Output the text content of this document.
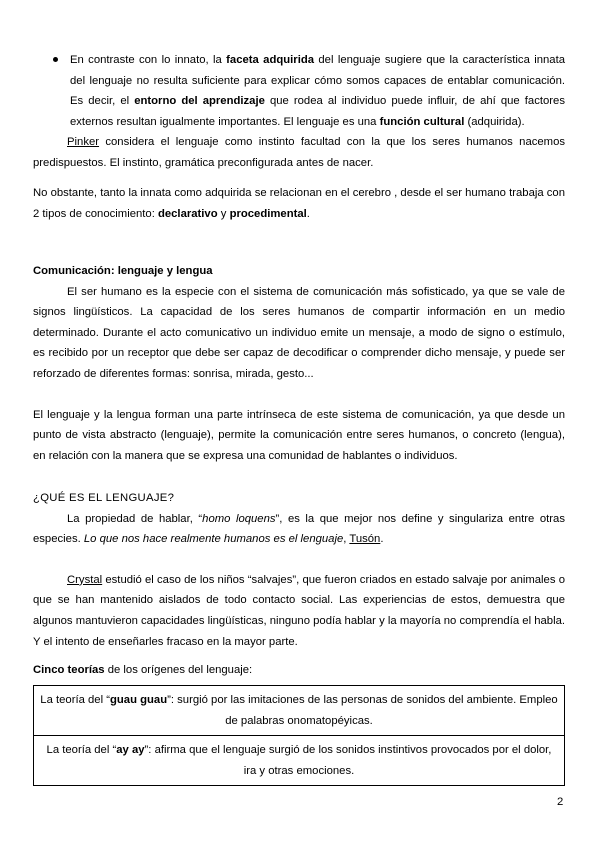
En contraste con lo innato, la faceta adquirida del lenguaje sugiere que la característica innata del lenguaje no resulta suficiente para explicar cómo somos capaces de entablar comunicación. Es decir, el entorno del aprendizaje que rodea al individuo puede influir, de ahí que factores externos resultan igualmente importantes. El lenguaje es una función cultural (adquirida).

Pinker considera el lenguaje como instinto facultad con la que los seres humanos nacemos predispuestos. El instinto, gramática preconfigurada antes de nacer.

No obstante, tanto la innata como adquirida se relacionan en el cerebro , desde el ser humano trabaja con 2 tipos de conocimiento: declarativo y procedimental.

Comunicación: lenguaje y lengua

El ser humano es la especie con el sistema de comunicación más sofisticado, ya que se vale de signos lingüísticos. La capacidad de los seres humanos de compartir información en un medio determinado. Durante el acto comunicativo un individuo emite un mensaje, a modo de signo o estímulo, es recibido por un receptor que debe ser capaz de decodificar o comprender dicho mensaje, y puede ser reforzado de diferentes formas: sonrisa, mirada, gesto...

El lenguaje y la lengua forman una parte intrínseca de este sistema de comunicación, ya que desde un punto de vista abstracto (lenguaje), permite la comunicación entre seres humanos, o concreto (lengua), en relación con la manera que se expresa una comunidad de hablantes o individuos.

¿QUÉ ES EL LENGUAJE?

La propiedad de hablar, “homo loquens”, es la que mejor nos define y singulariza entre otras especies. Lo que nos hace realmente humanos es el lenguaje, Tusón.

Crystal estudió el caso de los niños “salvajes”, que fueron criados en estado salvaje por animales o que se han mantenido aislados de todo contacto social. Las experiencias de estos, demuestra que algunos mantuvieron capacidades lingüísticas, ninguno podía hablar y la mayoría no comprendía el habla. Y el intento de enseñarles fracaso en la mayor parte.

Cinco teorías de los orígenes del lenguaje:

La teoría del “guau guau”: surgió por las imitaciones de las personas de sonidos del ambiente. Empleo de palabras onomatopéyicas.
La teoría del “ay ay”: afirma que el lenguaje surgió de los sonidos instintivos provocados por el dolor, ira y otras emociones.
2
